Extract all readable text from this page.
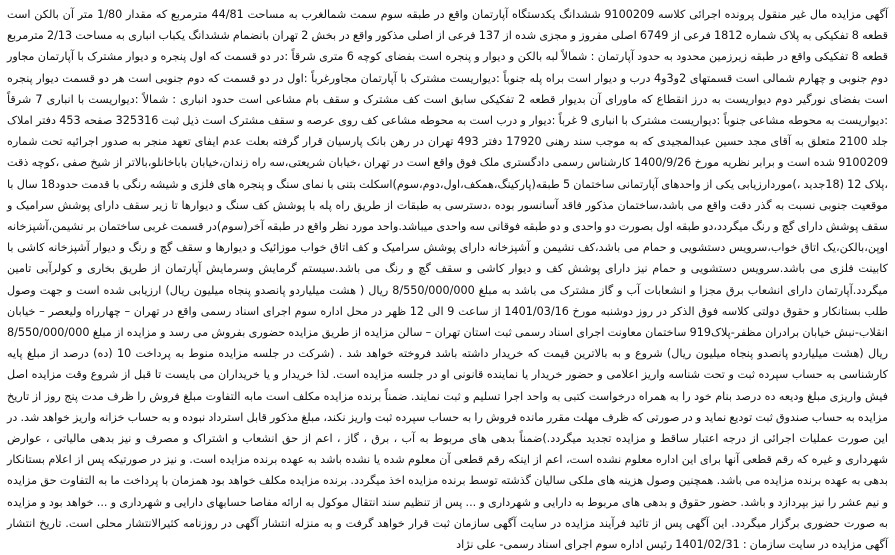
آگهی مزایده مال غیر منقول پرونده اجرائی کلاسه 9100209 ششدانگ یکدستگاه آپارتمان واقع در طبقه سوم سمت شمالغرب به مساحت 44/81 مترمربع که مقدار 1/80 متر آن بالکن است قطعه 8 تفکیکی به پلاک شماره 1812 فرعی از 6749 اصلی مفروز و مجزی شده از 137 فرعی از اصلی مذکور واقع در بخش 2 تهران بانضمام ششدانگ یکباب انباری به مساحت 2/13 مترمربع قطعه 8 تفکیکی واقع در طبقه زیرزمین محدود به حدود آپارتمان : شمالاً لبه بالکن و دیوار و پنجره است بفضای کوچه 6 متری شرقاً :در دو قسمت که اول پنجره و دیوار مشترک با آپارتمان مجاور دوم جنوبی و چهارم شمالی است قسمتهای 2و3و4 درب و دیوار است براه پله جنوباً :دیواریست مشترک با آپارتمان مجاورغرباً :اول در دو قسمت که دوم جنوبی است هر دو قسمت دیوار پنجره است بفضای نورگیر دوم دیواریست به درز انقطاع که ماورای آن بدیوار قطعه 2 تفکیکی سابق است کف مشترک و سقف بام مشاعی است حدود انباری : شمالاً :دیواریست با انباری 7 شرقاً :دیواریست به محوطه مشاعی جنوباً :دیواریست مشترک با انباری 9 غرباً :دیوار و درب است به محوطه مشاعی کف روی عرصه و سقف مشترک است ذیل ثبت 325316 صفحه 453 دفتر املاک جلد 2100 متعلق به آقای مجد حسین عبدالمجیدی که به موجب سند رهنی 17920 دفتر 493 تهران در رهن بانک پارسیان قرار گرفته بعلت عدم ایفای تعهد منجر به صدور اجرائیه تحت شماره 9100209 شده است و برابر نظریه مورخ 1400/9/26 کارشناس رسمی دادگستری ملک فوق واقع است در تهران ،خیابان شریعتی،سه راه زندان،خیابان باباخانلو،بالاتر از شیخ صفی ،کوچه ذقت ،پلاک 12 (18جدید ،)موردارزیابی یکی از واحدهای آپارتمانی ساختمان 5 طبقه(پارکینگ،همکف،اول،دوم،سوم)اسکلت بتنی با نمای سنگ و پنجره های فلزی و شیشه رنگی با قدمت حدود18 سال با موقعیت جنوبی نسبت به گذر دقت واقع می باشد،ساختمان مذکور فاقد آسانسور بوده ،دسترسی به طبقات از طریق راه پله با پوشش کف سنگ و دیوارها تا زیر سقف دارای پوشش سرامیک و سقف پوشش دارای گچ و رنگ میگردد،دو طبقه اول بصورت دو واحدی و دو طبقه فوقانی سه واحدی میباشد.واحد مورد نظر واقع در طبقه آخر(سوم)در قسمت غربی ساختمان بر نشیمن،آشپزخانه اوپن،بالکن،یک اتاق خواب،سرویس دستشویی و حمام می باشد،کف نشیمن و آشپزخانه دارای پوشش سرامیک و کف اتاق خواب موزائیک و دیوارها و سقف گچ و رنگ و دیوار آشپزخانه کاشی با کابینت فلزی می باشد.سرویس دستشویی و حمام نیز دارای پوشش کف و دیوار کاشی و سقف گچ و رنگ می باشد.سیستم گرمایش وسرمایش آپارتمان از طریق بخاری و کولرآبی تامین میگردد.آپارتمان دارای انشعاب برق مجزا و انشعابات آب و گاز مشترک می باشد به مبلغ 8/550/000/000 ریال ( هشت میلیاردو پانصدو پنجاه میلیون ریال) ارزیابی شده است و جهت وصول طلب بستانکار و حقوق دولتی کلاسه فوق الذکر در روز دوشنبه مورخ 1401/03/16 از ساعت 9 الی 12 ظهر در محل اداره سوم اجرای اسناد رسمی واقع در تهران – چهارراه ولیعصر – خیابان انقلاب-نبش خیابان برادران مظفر-پلاک919 ساختمان معاونت اجرای اسناد رسمی ثبت استان تهران – سالن مزایده از طریق مزایده حضوری بفروش می رسد و مزایده از مبلغ 8/550/000/000 ریال (هشت میلیاردو پانصدو پنجاه میلیون ریال) شروع و به بالاترین قیمت که خریدار داشته باشد فروخته خواهد شد . (شرکت در جلسه مزایده منوط به پرداخت 10 (ده) درصد از مبلغ پایه کارشناسی به حساب سپرده ثبت و تحت شناسه واریز اعلامی و حضور خریدار یا نماینده قانونی او در جلسه مزایده است. لذا خریدار و یا خریداران می بایست تا قبل از شروع وقت مزایده اصل فیش واریزی مبلغ ودیعه ده درصد بنام خود را به همراه درخواست کتبی به واحد اجرا تسلیم و ثبت نمایند. ضمناً برنده مزایده مکلف است مابه التفاوت مبلغ فروش را ظرف مدت پنج روز از تاریخ مزایده به حساب صندوق ثبت تودیع نماید و در صورتی که ظرف مهلت مقرر مانده فروش را به حساب سپرده ثبت واریز نکند، مبلغ مذکور قابل استرداد نبوده و به حساب خزانه واریز خواهد شد. در این صورت عملیات اجرائی از درجه اعتبار ساقط و مزایده تجدید میگردد.)ضمناً بدهی های مربوط به آب ، برق ، گاز ، اعم از حق انشعاب و اشتراک و مصرف و نیز بدهی مالیاتی ، عوارض شهرداری و غیره که رقم قطعی آنها برای این اداره معلوم نشده است، اعم از اینکه رقم قطعی آن معلوم شده یا نشده باشد به عهده برنده مزایده است. و نیز در صورتیکه پس از اعلام بستانکار بدهی به عهده برنده مزایده می باشد. همچنین وصول هزینه های ملکی سالیان گذشته توسط برنده مزایده اخذ میگردد. برنده مزایده مکلف خواهد بود همزمان با پرداخت ما به التفاوت حق مزایده و نیم عشر را نیز بپردازد و باشد. حضور حقوق و بدهی های مربوط به دارایی و شهرداری و ... پس از تنظیم سند انتقال موکول به ارائه مفاصا حسابهای دارایی و شهرداری و ... خواهد بود و مزایده به صورت حضوری برگزار میگردد. این آگهی پس از تائید فرآیند مزایده در سایت آگهی سازمان ثبت قرار خواهد گرفت و به منزله انتشار آگهی در روزنامه کثیرالانتشار محلی است. تاریخ انتشار آگهی مزایده در سایت سازمان : 1401/02/31 رئیس اداره سوم اجرای اسناد رسمی- علی نژاد
